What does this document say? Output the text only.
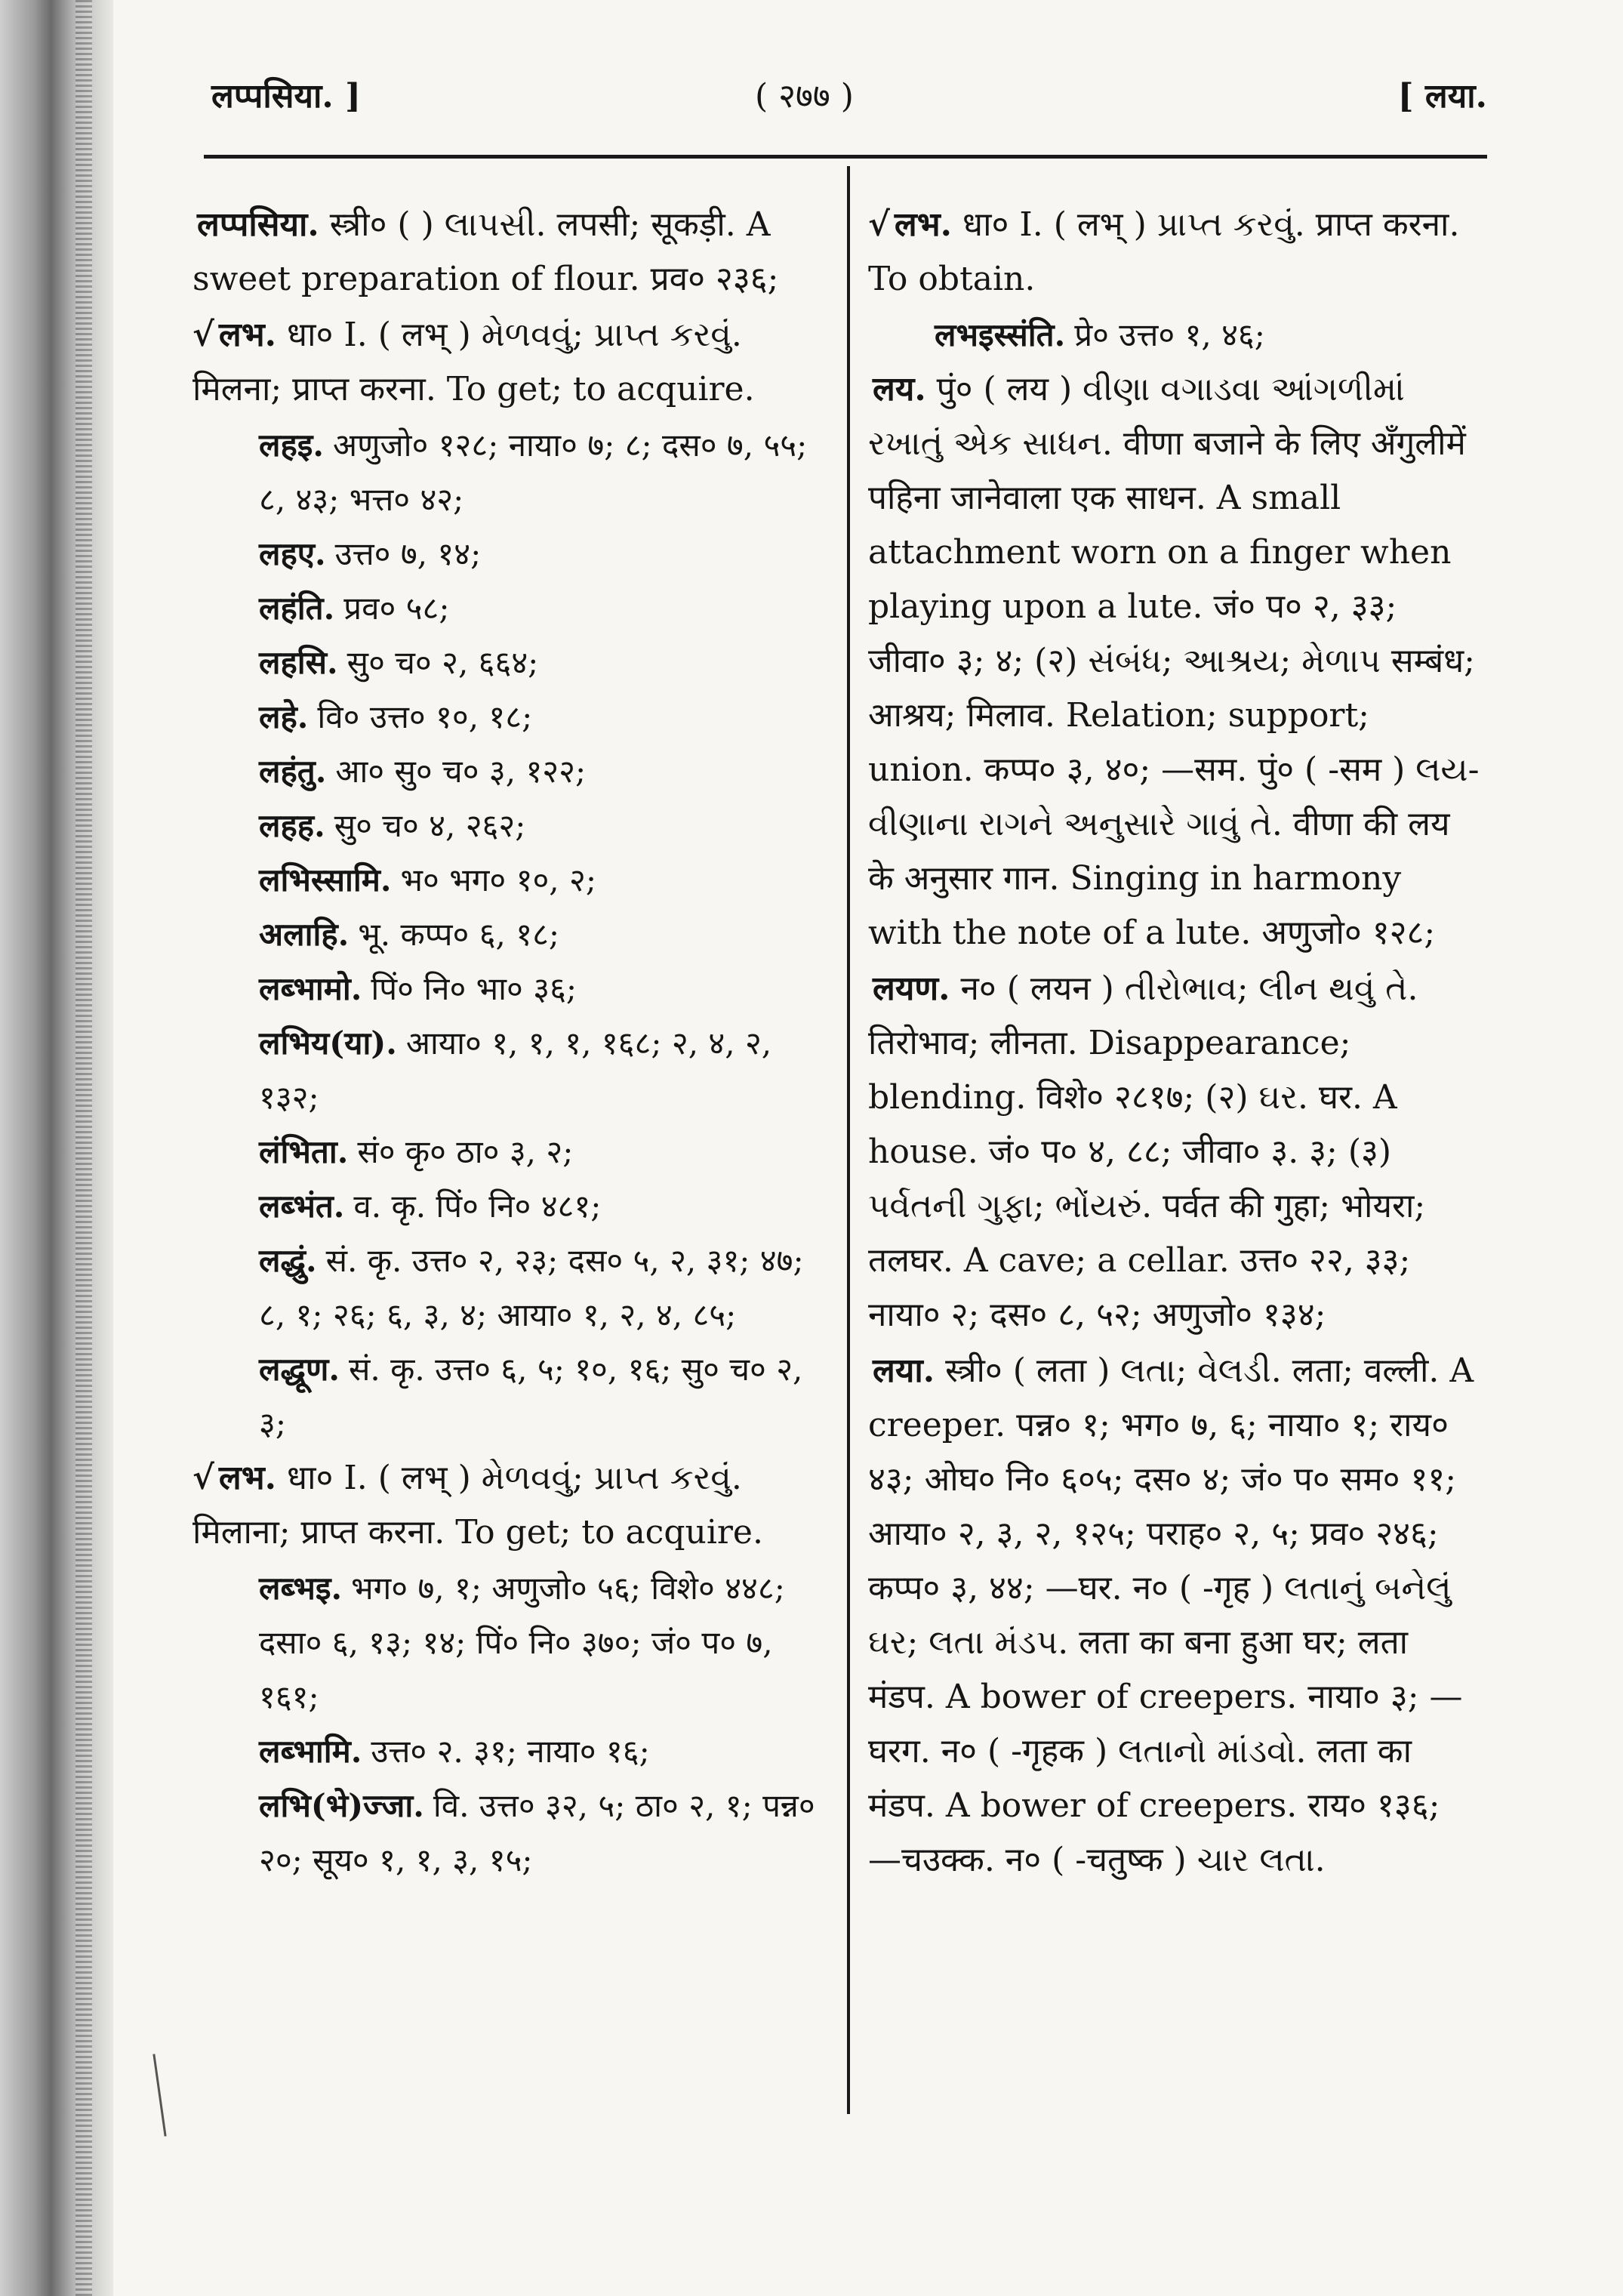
लप्पसिया. ]	( २७७ )	[ लया.
लप्पसिया. स्त्री० ( ) લાપસી. लपसी; सूकड़ी. A sweet preparation of flour. प्रव० २३६;
√ लभ. धा० I. ( लभ् ) મેળવવું; પ્રાપ્ત કરવું. मिलना; प्राप्त करना. To get; to acquire.
लहइ. अणुजो० १२८; नाया० ७; ८; दस० ७, ५५; ८, ४३; भत्त० ४२;
लहए. उत्त० ७, १४;
लहंति. प्रव० ५८;
लहसि. सु० च० २, ६६४;
लहे. वि० उत्त० १०, १८;
लहंतु. आ० सु० च० ३, १२२;
लहह. सु० च० ४, २६२;
लभिस्सामि. भ० भग० १०, २;
अलाहि. भू. कप्प० ६, १८;
लब्भामो. पिं० नि० भा० ३६;
लभिय(या). आया० १, १, १, १६८; २, ४, २, १३२;
लंभिता. सं० कृ० ठा० ३, २;
लब्भंत. व. कृ. पिं० नि० ४८१;
लद्धुं. सं. कृ. उत्त० २, २३; दस० ५, २, ३१; ४७; ८, १; २६; ६, ३, ४; आया० १, २, ४, ८५;
लद्धूण. सं. कृ. उत्त० ६, ५; १०, १६; सु० च० २, ३;
√ लभ. धा० I. ( लभ् ) મેળવવું; પ્રાપ્ત કરવું. मिलाना; प्राप्त करना. To get; to acquire.
लब्भइ. भग० ७, १; अणुजो० ५६; विशे० ४४८; दसा० ६, १३; १४; पिं० नि० ३७०; जं० प० ७, १६१;
लब्भामि. उत्त० २. ३१; नाया० १६;
लभि(भे)ज्जा. वि. उत्त० ३२, ५; ठा० २, १; पन्न० २०; सूय० १, १, ३, १५;
√ लभ. धा० I. ( लभ् ) પ્રાપ્ત કરવું. प्राप्त करना. To obtain.
लभइस्संति. प्रे० उत्त० १, ४६;
लय. पुं० ( लय ) વીણા વગાડવા આંગળીમાં રખાતું એક સાધન. वीणा बजाने के लिए अँगुलीमें पहिना जानेवाला एक साधन. A small attachment worn on a finger when playing upon a lute. जं० प० २, ३३; जीवा० ३; ४; (२) સંબંધ; આશ્રય; મેળાપ सम्बंध; आश्रय; मिलाव. Relation; support; union. कप्प० ३, ४०; —सम. पुं० ( -सम ) લય-વીણાના રાગને અનુસારે ગાવું તે. वीणा की लय के अनुसार गान. Singing in harmony with the note of a lute. अणुजो० १२८;
लयण. न० ( लयन ) તીરોભાવ; લીન થવું તે. तिरोभाव; लीनता. Disappearance; blending. विशे० २८१७; (२) ઘર. घर. A house. जं० प० ४, ८८; जीवा० ३. ३; (३) પર્વતની ગુફા; ભોંયરું. पर्वत की गुहा; भोयरा; तलघर. A cave; a cellar. उत्त० २२, ३३; नाया० २; दस० ८, ५२; अणुजो० १३४;
लया. स्त्री० ( लता ) લતા; વેલડી. लता; वल्ली. A creeper. पन्न० १; भग० ७, ६; नाया० १; राय० ४३; ओघ० नि० ६०५; दस० ४; जं० प० सम० ११; आया० २, ३, २, १२५; पराह० २, ५; प्रव० २४६; कप्प० ३, ४४; —घर. न० ( -गृह ) લતાનું બનેલું ઘર; લતા મંડપ. लता का बना हुआ घर; लता मंडप. A bower of creepers. नाया० ३; —घरग. न० ( -गृहक ) લતાનો માંડવો. लता का मंडप. A bower of creepers. राय० १३६; —चउक्क. न० ( -चतुष्क ) ચાર લતા.
